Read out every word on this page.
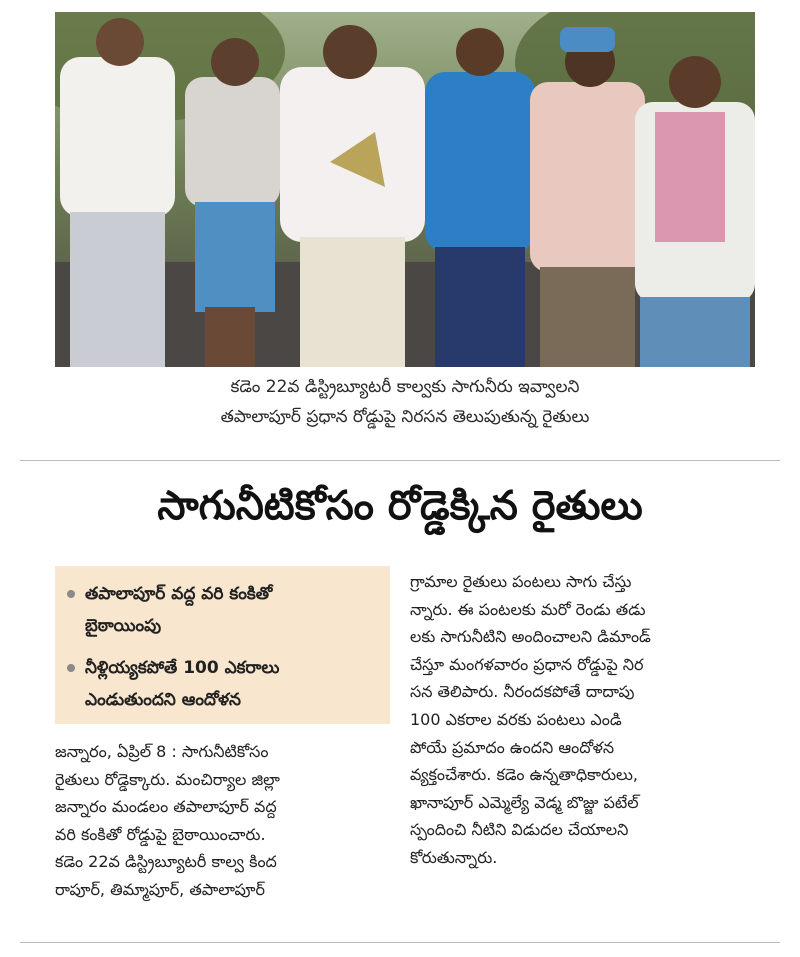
కడెం 22వ డిస్ట్రిబ్యూటరీ కాల్వకు సాగునీరు ఇవ్వాలని
తపాలాపూర్ ప్రధాన రోడ్డుపై నిరసన తెలుపుతున్న రైతులు
సాగునీటికోసం రోడ్డెక్కిన రైతులు
తపాలాపూర్ వద్ద వరి కంకితో
బైఠాయింపు
నీళ్లియ్యకపోతే 100 ఎకరాలు
ఎండుతుందని ఆందోళన
జన్నారం, ఏప్రిల్ 8 : సాగునీటికోసం
రైతులు రోడ్డెక్కారు. మంచిర్యాల జిల్లా
జన్నారం మండలం తపాలాపూర్ వద్ద
వరి కంకితో రోడ్డుపై బైఠాయించారు.
కడెం 22వ డిస్ట్రిబ్యూటరీ కాల్వ కింద
రాపూర్, తిమ్మాపూర్, తపాలాపూర్
గ్రామాల రైతులు పంటలు సాగు చేస్తు
న్నారు. ఈ పంటలకు మరో రెండు తడు
లకు సాగునీటిని అందించాలని డిమాండ్
చేస్తూ మంగళవారం ప్రధాన రోడ్డుపై నిర
సన తెలిపారు. నీరందకపోతే దాదాపు
100 ఎకరాల వరకు పంటలు ఎండి
పోయే ప్రమాదం ఉందని ఆందోళన
వ్యక్తంచేశారు. కడెం ఉన్నతాధికారులు,
ఖానాపూర్ ఎమ్మెల్యే వెడ్మ బొజ్జు పటేల్
స్పందించి నీటిని విడుదల చేయాలని
కోరుతున్నారు.
